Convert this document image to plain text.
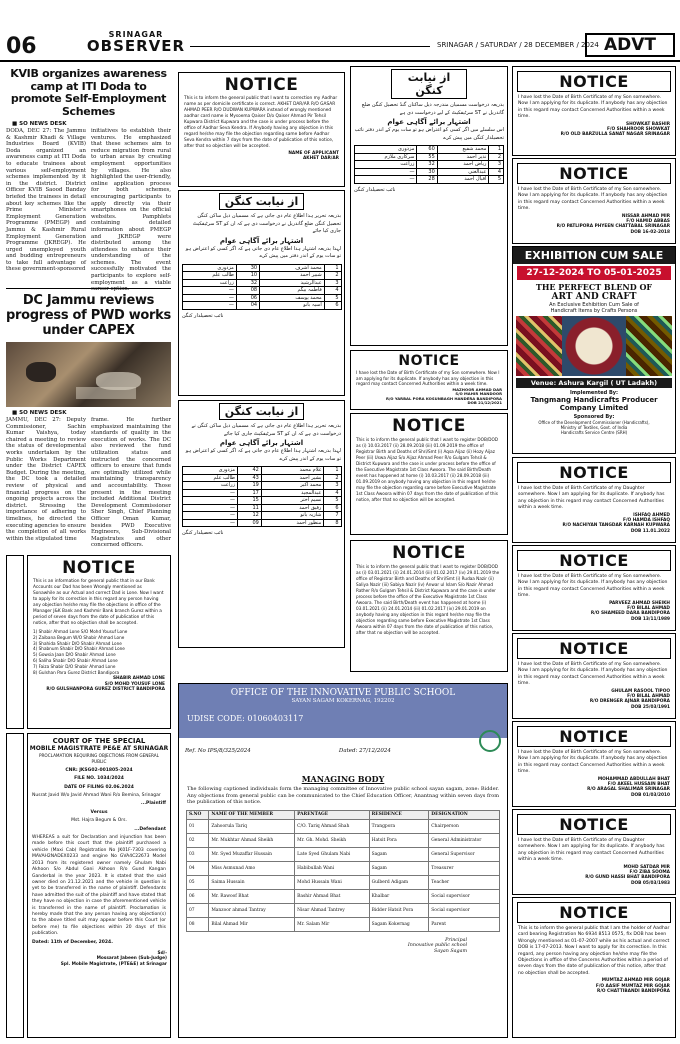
06	SRINAGAR
OBSERVER	SRINAGAR / SATURDAY / 28 DECEMBER / 2024 ADVT
KVIB organizes awareness camp at ITI Doda to promote Self-Employment Schemes
■ SO NEWS DESK
DODA, DEC 27: The Jammu & Kashmir Khadi & Village Industries Board (KVIB) Doda organized an awareness camp at ITI Doda to educate trainees about various self-employment schemes implemented by it in the district. District Officer KVIB Saood Banday briefed the trainees in detail about key schemes like the Prime Minister's Employment Generation Programme (PMEGP) and Jammu & Kashmir Rural Employment Generation Programme (JKREGP). He urged unemployed youth and budding entrepreneurs to take full advantage of these government-sponsored
initiatives to establish their ventures. He emphasized that these schemes aim to reduce migration from rural to urban areas by creating employment opportunities by villages. He also highlighted the user-friendly, online application process for both schemes, encouraging participants to apply directly via their smartphones on the official websites. Pamphlets containing detailed information about PMEGP and JKREGP were distributed among the attendees to enhance their understanding of the schemes. The event successfully motivated the participants to explore self-employment as a viable career option.
DC Jammu reviews progress of PWD works under CAPEX
■ SO NEWS DESK
JAMMU, DEC 27: Deputy Commissioner, Sachin Kumar Vaishya, today chaired a meeting to review the status of developmental works undertaken by the Public Works Department under the District CAPEX Budget. During the meeting, the DC took a detailed review of physical and financial progress on the ongoing projects across the district. Stressing the importance of adhering to timelines, he directed the executing agencies to ensure the completion of all works within the stipulated time
frame. He further emphasized maintaining the standards of quality in the execution of works. The DC also reviewed the fund utilization status and instructed the concerned officers to ensure that funds are optimally utilized while maintaining transparency and accountability. Those present in the meeting included Additional District Development Commissioner Sher Singh, Chief Planning Officer Oman Kumar, besides PWD Executive Engineers, Sub-Divisional Magistrates and other concerned officers.
NOTICE
This is an information for general public that in our Bank Accounts our Dad has been Wrongly mentioned as Sonawhile as our Actual and correct Dad is Lone. Now I want to apply for its correction in this regard any person having any objection he/she may file the objections in office of the Manager J&K Bank and Kashmir Bank branch Gurez within a period of seven days from the date of publication of this notice, after that no objection shall be accepted.
1) Shabir Ahmad Lone S/O Mohd Yousuf Lone
2) Zaibana Begum W/O Shabir Ahmad Lone
3) Shahida Shabir D/O Shabir Ahmad Lone
4) Shabnum Shabir D/O Shabir Ahmad Lone
5) Gowsia Jaan D/O Shabir Ahmad Lone
6) Saliha Shabir D/O Shabir Ahmad Lone
7) Faiza Shabir D/O Shabir Ahmad Lone
8) Gulshan Para Gurez District Bandipora
SHABIR AHMAD LONE
S/O MOHD YOUSUF LONE
R/O GULSHANPORA GUREZ DISTRICT BANDIPORA
COURT OF THE SPECIAL
MOBILE MAGISTRATE PE&E AT SRINAGAR
PROCLAMATION REQUIRING OBJECTIONS FROM GENERAL PUBLIC
CNR: JKSG02-001805-2024
FILE NO. 1034/2024
DATE OF FILING 02.06.2024
Nusrat Javid W/o Javid Ahmad Wani R/o Bemina, Srinagar
...Plaintiff
Versus
Mst. Hajra Begum & Ors.
...Defendant
WHEREAS a suit for Declaration and injunction has been made before this court that the plaintiff purchased a vehicle (Maxi Cab) Registration No JK01F-7303 covering MAVAH2NADEX0233 and engine No GVA4C22673 Model 2013 from its registered owner namely Ghulam Nabi Akhoon S/o Abdul Gani Akhoon R/o Gund Kangan Ganderbal in the year 2023. It is stated that the said owner died on 21.12.2021 and the vehicle in question is yet to be transferred in the name of plaintiff. Defendants have admitted the suit of the plaintiff and have stated that they have no objection in case the aforementioned vehicle is transferred in the name of plaintiff. Proclamation is hereby made that the any person having any objection(s) to the above titled suit may appear before this Court (or before me) to file objections within 20 days of this publication.
Dated: 11th of December, 2024.
Sd/-
Mossarat Jabeen (Sub-Judge)
Spl. Mobile Magistrate, (PTE&E) at Srinagar
NOTICE
This is to inform the general public that I want to correction my Aadhar name as per domicile certificate is correct. AKHET DAR/AR R/O GASAR AHMAD PEER R/O DUDWAN KUPWARA instead of wrongly mentioned aadhar card name is Mysoema Qaiser D/o Qaiser Ahmad Pir Tehsil Kupwara District Kupwara and the case is under process before the office of Aadhar Seva Kendra. If Anybody having any objection in this regard he/she may file the objection regarding same before Aadhar Seva Kendra within 7 days from the date of publication of this notice, after that no objection will be accepted.
NAME OF APPLICANT
AKHET DAR/AR
از نیابت کنگن
بذریعہ تحریر ہذا اطلاع عام دی جاتی ہے کہ مسمیان ذیل ساکن کنگن تحصیل کنگن ضلع گاندربل نے درخواست دی ہے کہ ان کو ST سرٹیفکیٹ جاری کیا جائے
اشتہار برائے آگاہی عوام
لہذا بذریعہ اشتہار ہذا اطلاع عام دی جاتی ہے کہ اگر کسی کو اعتراض ہو تو سات یوم کے اندر دفتر میں پیش کرے
1	محمد اشرف	30	مزدوری
2	شبیر احمد	10	طالب علم
3	عبدالرشید	32	زراعت
4	فاطمہ بیگم	08	—
5	محمد یوسف	06	—
6	آسیہ بانو	04	—
نائب تحصیلدار کنگن
از نیابت کنگن
بذریعہ تحریر ہذا اطلاع عام دی جاتی ہے کہ مسمیان ذیل ساکن کنگن نے درخواست دی ہے کہ ان کو ST سرٹیفکیٹ جاری کیا جائے
اشتہار برائے آگاہی عوام
لہذا بذریعہ اشتہار ہذا اطلاع عام دی جاتی ہے کہ اگر کسی کو اعتراض ہو تو سات یوم کے اندر پیش کرے
1	غلام محمد	42	مزدوری
2	بشیر احمد	43	طالب علم
3	محمد اکبر	19	زراعت
4	عبدالمجید	17	—
5	نسیم اختر	15	—
6	رفیق احمد	11	—
7	شازیہ بانو	12	—
8	منظور احمد	09	—
نائب تحصیلدار کنگن
از نیابت کنگن
بذریعہ درخواست مسمیان مندرجہ ذیل ساکنان گنڈ تحصیل کنگن ضلع گاندربل نے ST سرٹیفکیٹ کے لیے درخواست دی ہے
اشتہار برائے آگاہی عوام
اس سلسلے میں اگر کسی کو اعتراض ہو تو سات یوم کے اندر دفتر نائب تحصیلدار کنگن میں پیش کرے
1	محمد شفیع	60	مزدوری
2	نذیر احمد	55	سرکاری ملازم
3	ریاض احمد	32	زراعت
4	عبدالغنی	30	—
5	اقبال احمد	28	—
نائب تحصیلدار کنگن
NOTICE
I have lost the Date of Birth Certificate of my Son somewhere. Now I am applying for its duplicate. If anybody has any objection in this regard may contact Concerned Authorities within a week time.
MAZHOOR AHMAD DAR
S/O MAHIR MANDOOR
R/O YARBAL PORA KOSUNBAGH HANDERA BANDIPORA
DOB 21/12/2021
NOTICE
This is to inform the general public that I want to register DOB/DOD as (i) 10.03.2017 (ii) 28.09.2018 (iii) 01.09.2019 the office of Registrar Birth and Deaths of Shri/Smt (i) Aqsa Aijaz (ii) Hozy Aijaz Peer (iii) Uswa Aijaz S/o Aijaz Ahmad Peer R/o Gulgam Tehsil & District Kupwara and the case is under process before the office of the Executive Magistrate 1st Class Awoora. The said Birth/Death event has happened at home (i) 10.03.2017 (ii) 28.09.2018 (iii) 01.09.2019 on anybody having any objection in this regard he/she may file the objection regarding same before Executive Magistrate 1st Class Awoora within 07 days from the date of publication of this notice, after that no objection will be accepted.
NOTICE
This is to inform the general public that I want to register DOB/DOD as (i) 03.01.2021 (ii) 24.01.2014 (iii) 01.02.2017 (iv) 29.01.2019 the office of Registrar Birth and Deaths of Shri/Smt (i) Rudaa Nazir (ii) Saliya Nazir (iii) Sabiya Nazir (iv) Anwar ul Islam S/o Nazir Ahmad Rather R/o Gulgam Tehsil & District Kupwara and the case is under process before the office of the Executive Magistrate 1st Class Awoora. The said Birth/Death event has happened at home (i) 03.01.2021 (ii) 24.01.2014 (iii) 01.02.2017 (iv) 29.01.2019 on anybody having any objection in this regard he/she may file the objection regarding same before Executive Magistrate 1st Class Awoora within 07 days from the date of publication of this notice, after that no objection will be accepted.
OFFICE OF THE INNOVATIVE PUBLIC SCHOOL
SAYAN SAGAM KOKERNAG, 192202
UDISE CODE: 01060403117
Ref. No IPS/8/325/2024	Dated: 27/12/2024
MANAGING BODY
The following captioned individuals form the managing committee of Innovative public school sayan sagam, zone: Bidder. Any objections from general public can be communicated to the Chief Education Officer, Anantnag within seven days from the publication of this notice.
S.NO	NAME OF THE MEMBER	PARENTAGE	RESIDENCE	DESIGNATION
01	Zahoorula Tariq	C/O. Tariq Ahmad Shah	Trangpora	Chairperson
02	Mr. Mukhtar Ahmad Sheikh	Mr. Gh. Mohd. Sheikh	Hatsit Pora	General Administrator
03	Mr. Syed Muzaffar Hussain	Late Syed Ghulam Nabi	Sagam	General Supervisor
04	Miss Asmunad Amo	Habibullah Wani	Sagam	Treasurer
05	Saima Hussain	Mohd Hussain Wani	Gulberd Adigam	Teacher
06	Mr. Rawoof Bhat	Bashir Ahmad Bhat	Khalbar	Social supervisor
07	Manzoor ahmad Tantray	Nisar Ahmad Tantrey	Bidder Hatsit Pora	Social supervisor
08	Bilal Ahmad Mir	Mr. Salam Mir	Sagam Kokernag	Parent
Principal
Innovative public school
Sayan Sagam
NOTICE
I have lost the Date of Birth Certificate of my Son somewhere. Now I am applying for its duplicate. If anybody has any objection in this regard may contact Concerned Authorities within a week time.
SHOWKAT BASHIR
F/O SHAHROOR SHOWKAT
R/O OLD BARZULLA SANAT NAGAR SRINAGAR
NOTICE
I have lost the Date of Birth Certificate of my Son somewhere. Now I am applying for its duplicate. If anybody has any objection in this regard may contact Concerned Authorities within a week time.
NISSAR AHMAD MIR
F/O HAMID ABBAS
R/O PATLIPORA PHYEEN CHATTABAL SRINAGAR
DOB 16-02-2018
EXHIBITION CUM SALE
27-12-2024 TO 05-01-2025
THE PERFECT BLEND OF
ART AND CRAFT
An Exclusive Exhibition Cum Sale of
Handicraft Items by Crafts Persons
Venue: Ashura Kargil ( UT Ladakh)
Implemented By:
Tangmang Handicrafts Producer
Company Limited
Sponsored By:
Office of the Development Commissioner (Handicrafts),
Ministry of Textiles, Govt. of India
Handicrafts Service Centre (SRH)
NOTICE
I have lost the Date of Birth Certificate of my Daughter somewhere. Now I am applying for its duplicate. If anybody has any objection in this regard may contact Concerned Authorities within a week time.
ISHFAQ AHMED
F/O HAMDA ISHFAQ
R/O NACHIYAN TANGDAR KARNAH KUPWARA
DOB 11.01.2022
NOTICE
I have lost the Date of Birth Certificate of my Son somewhere. Now I am applying for its duplicate. If anybody has any objection in this regard may contact Concerned Authorities within a week time.
PARVEEZ AHMAD SHEIKH
F/O BILAL AHMAD
R/O SHAMEED DARA BANDIPORA
DOB 13/11/1989
NOTICE
I have lost the Date of Birth Certificate of my Son somewhere. Now I am applying for its duplicate. If anybody has any objection in this regard may contact Concerned Authorities within a week time.
GHULAM RASOOL TIPOO
F/O BILAL AHMAD
R/O DRENGER AJNAR BANDIPORA
DOB 25/03/1991
NOTICE
I have lost the Date of Birth Certificate of my Son somewhere. Now I am applying for its duplicate. If anybody has any objection in this regard may contact Concerned Authorities within a week time.
MOHAMMAD ABDULLAH BHAT
F/O AKEEL HUSSAIN BHAT
R/O ARAGAL SHALIMAR SRINAGAR
DOB 01/03/2010
NOTICE
I have lost the Date of Birth Certificate of my Daughter somewhere. Now I am applying for its duplicate. If anybody has any objection in this regard may contact Concerned Authorities within a week time.
MOHD SATDAR MIR
F/O ZIBA SOOMA
R/O GUND HASSI BHAT BANDIPORA
DOB 05/03/1983
NOTICE
This is to inform the general public that I am the holder of Aadhar card bearing Registration No 6934 8513 0575, fix DOB has been Wrongly mentioned as 01-07-2007 while as his actual and correct DOB is 17-07-2013. Now I want to apply for its correction. In this regard, any person having any objection he/she may file the Objections in office of the Concerns Authorities within a period of seven days from the date of publication of this notice, after that no objection shall be accepted.
MUMTAZ AHMAD MIR GOJAR
F/O AASIF MUMTAZ MIR GOJAR
R/O CHATTIBANDI BANDIPORA
